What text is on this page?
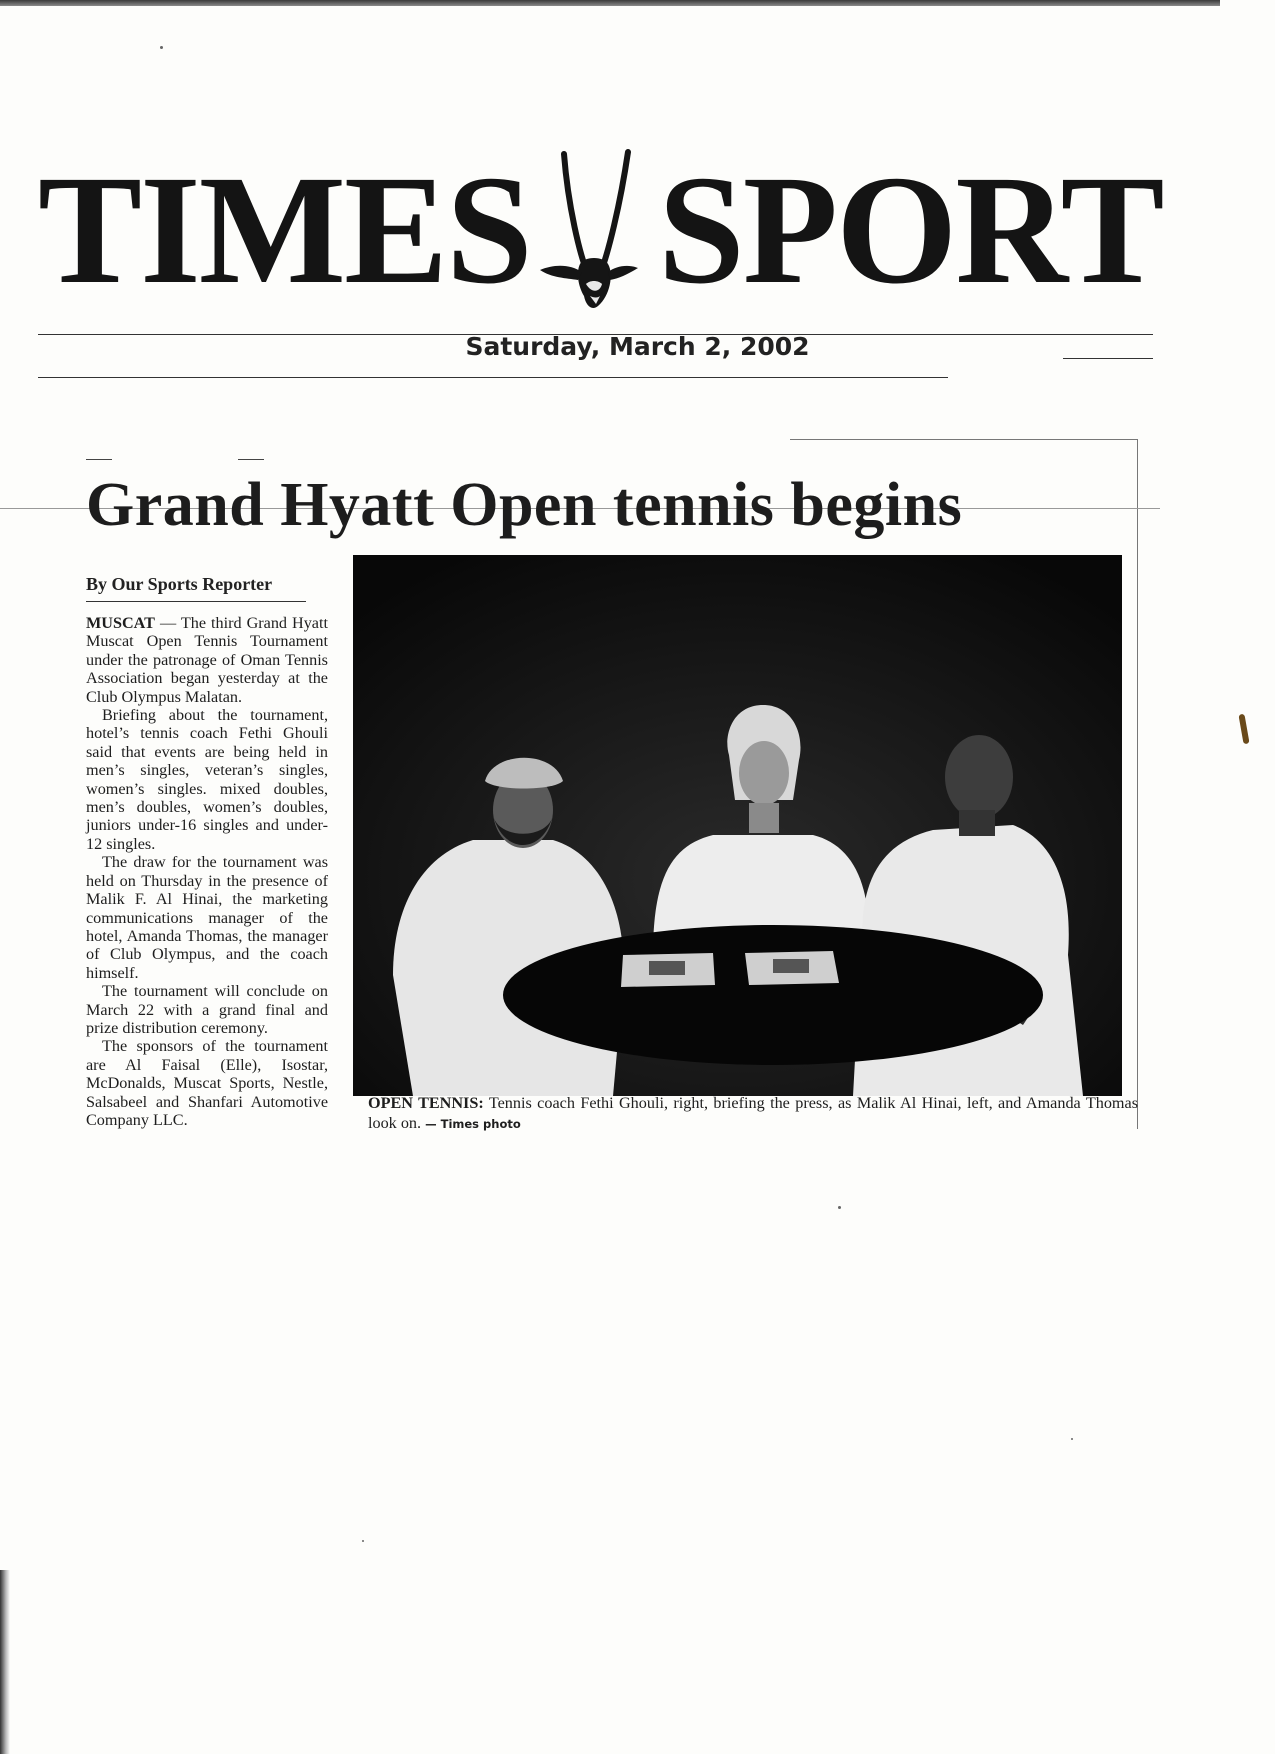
TIMES SPORT
Saturday, March 2, 2002
Grand Hyatt Open tennis begins
By Our Sports Reporter

MUSCAT — The third Grand Hyatt Muscat Open Tennis Tournament under the patronage of Oman Tennis Association began yesterday at the Club Olympus Malatan.

Briefing about the tournament, hotel’s tennis coach Fethi Ghouli said that events are being held in men’s singles, veteran’s singles, women’s singles. mixed doubles, men’s doubles, women’s doubles, juniors under-16 singles and under-12 singles.

The draw for the tournament was held on Thursday in the presence of Malik F. Al Hinai, the marketing communications manager of the hotel, Amanda Thomas, the manager of Club Olympus, and the coach himself.

The tournament will conclude on March 22 with a grand final and prize distribution ceremony.

The sponsors of the tournament are Al Faisal (Elle), Isostar, McDonalds, Muscat Sports, Nestle, Salsabeel and Shanfari Automotive Company LLC.

OPEN TENNIS: Tennis coach Fethi Ghouli, right, briefing the press, as Malik Al Hinai, left, and Amanda Thomas look on. — Times photo
